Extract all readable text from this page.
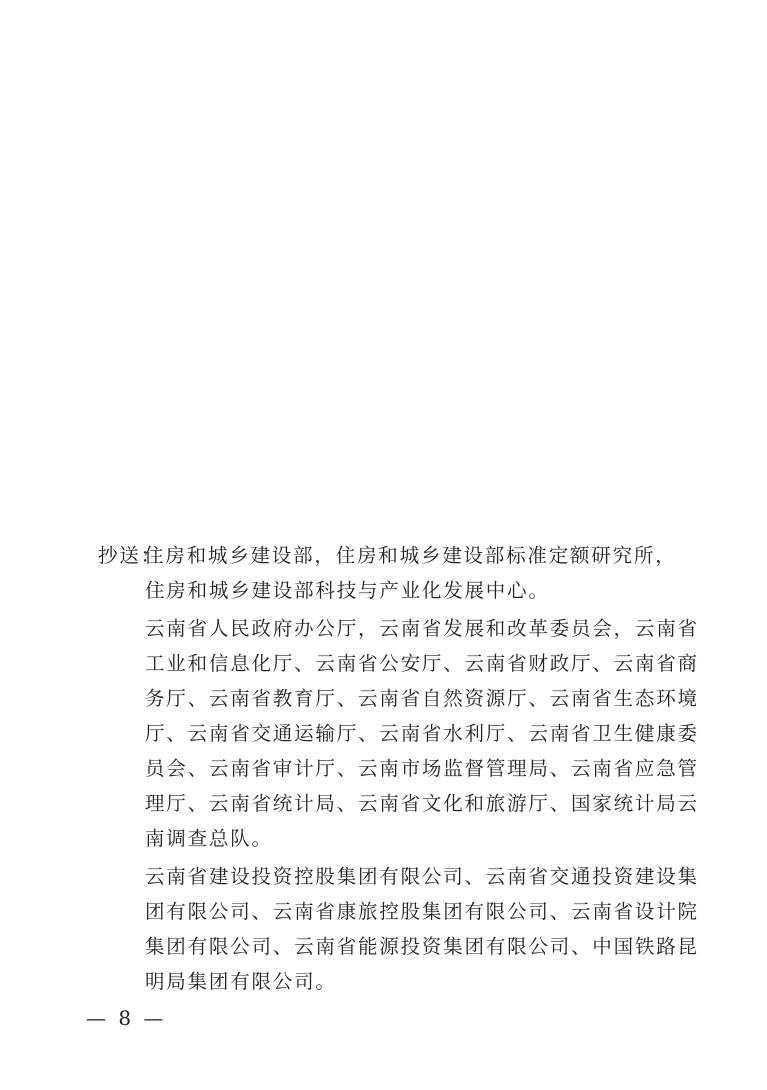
抄送：住房和城乡建设部，住房和城乡建设部标准定额研究所，
住房和城乡建设部科技与产业化发展中心。
云南省人民政府办公厅，云南省发展和改革委员会，云南省
工业和信息化厅、云南省公安厅、云南省财政厅、云南省商
务厅、云南省教育厅、云南省自然资源厅、云南省生态环境
厅、云南省交通运输厅、云南省水利厅、云南省卫生健康委
员会、云南省审计厅、云南市场监督管理局、云南省应急管
理厅、云南省统计局、云南省文化和旅游厅、国家统计局云
南调查总队。
云南省建设投资控股集团有限公司、云南省交通投资建设集
团有限公司、云南省康旅控股集团有限公司、云南省设计院
集团有限公司、云南省能源投资集团有限公司、中国铁路昆
明局集团有限公司。
— 8 —
